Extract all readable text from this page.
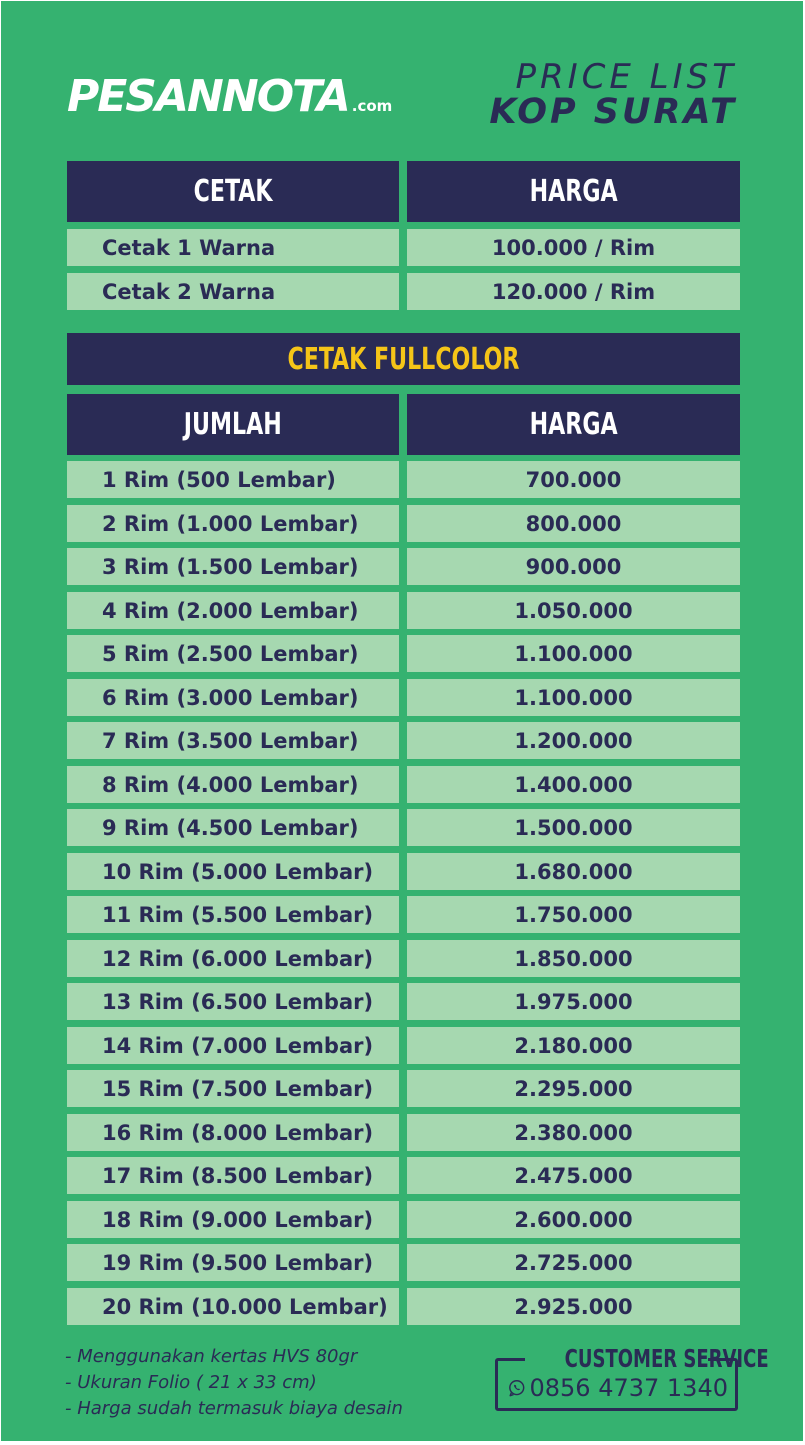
PESANNOTA .com
PRICE LIST
KOP SURAT
CETAK	HARGA
Cetak 1 Warna	100.000 / Rim
Cetak 2 Warna	120.000 / Rim
CETAK FULLCOLOR
JUMLAH	HARGA
1 Rim (500 Lembar)	700.000
2 Rim (1.000 Lembar)	800.000
3 Rim (1.500 Lembar)	900.000
4 Rim (2.000 Lembar)	1.050.000
5 Rim (2.500 Lembar)	1.100.000
6 Rim (3.000 Lembar)	1.100.000
7 Rim (3.500 Lembar)	1.200.000
8 Rim (4.000 Lembar)	1.400.000
9 Rim (4.500 Lembar)	1.500.000
10 Rim (5.000 Lembar)	1.680.000
11 Rim (5.500 Lembar)	1.750.000
12 Rim (6.000 Lembar)	1.850.000
13 Rim (6.500 Lembar)	1.975.000
14 Rim (7.000 Lembar)	2.180.000
15 Rim (7.500 Lembar)	2.295.000
16 Rim (8.000 Lembar)	2.380.000
17 Rim (8.500 Lembar)	2.475.000
18 Rim (9.000 Lembar)	2.600.000
19 Rim (9.500 Lembar)	2.725.000
20 Rim (10.000 Lembar)	2.925.000
- Menggunakan kertas HVS 80gr
- Ukuran Folio ( 21 x 33 cm)
- Harga sudah termasuk biaya desain
CUSTOMER SERVICE
0856 4737 1340
